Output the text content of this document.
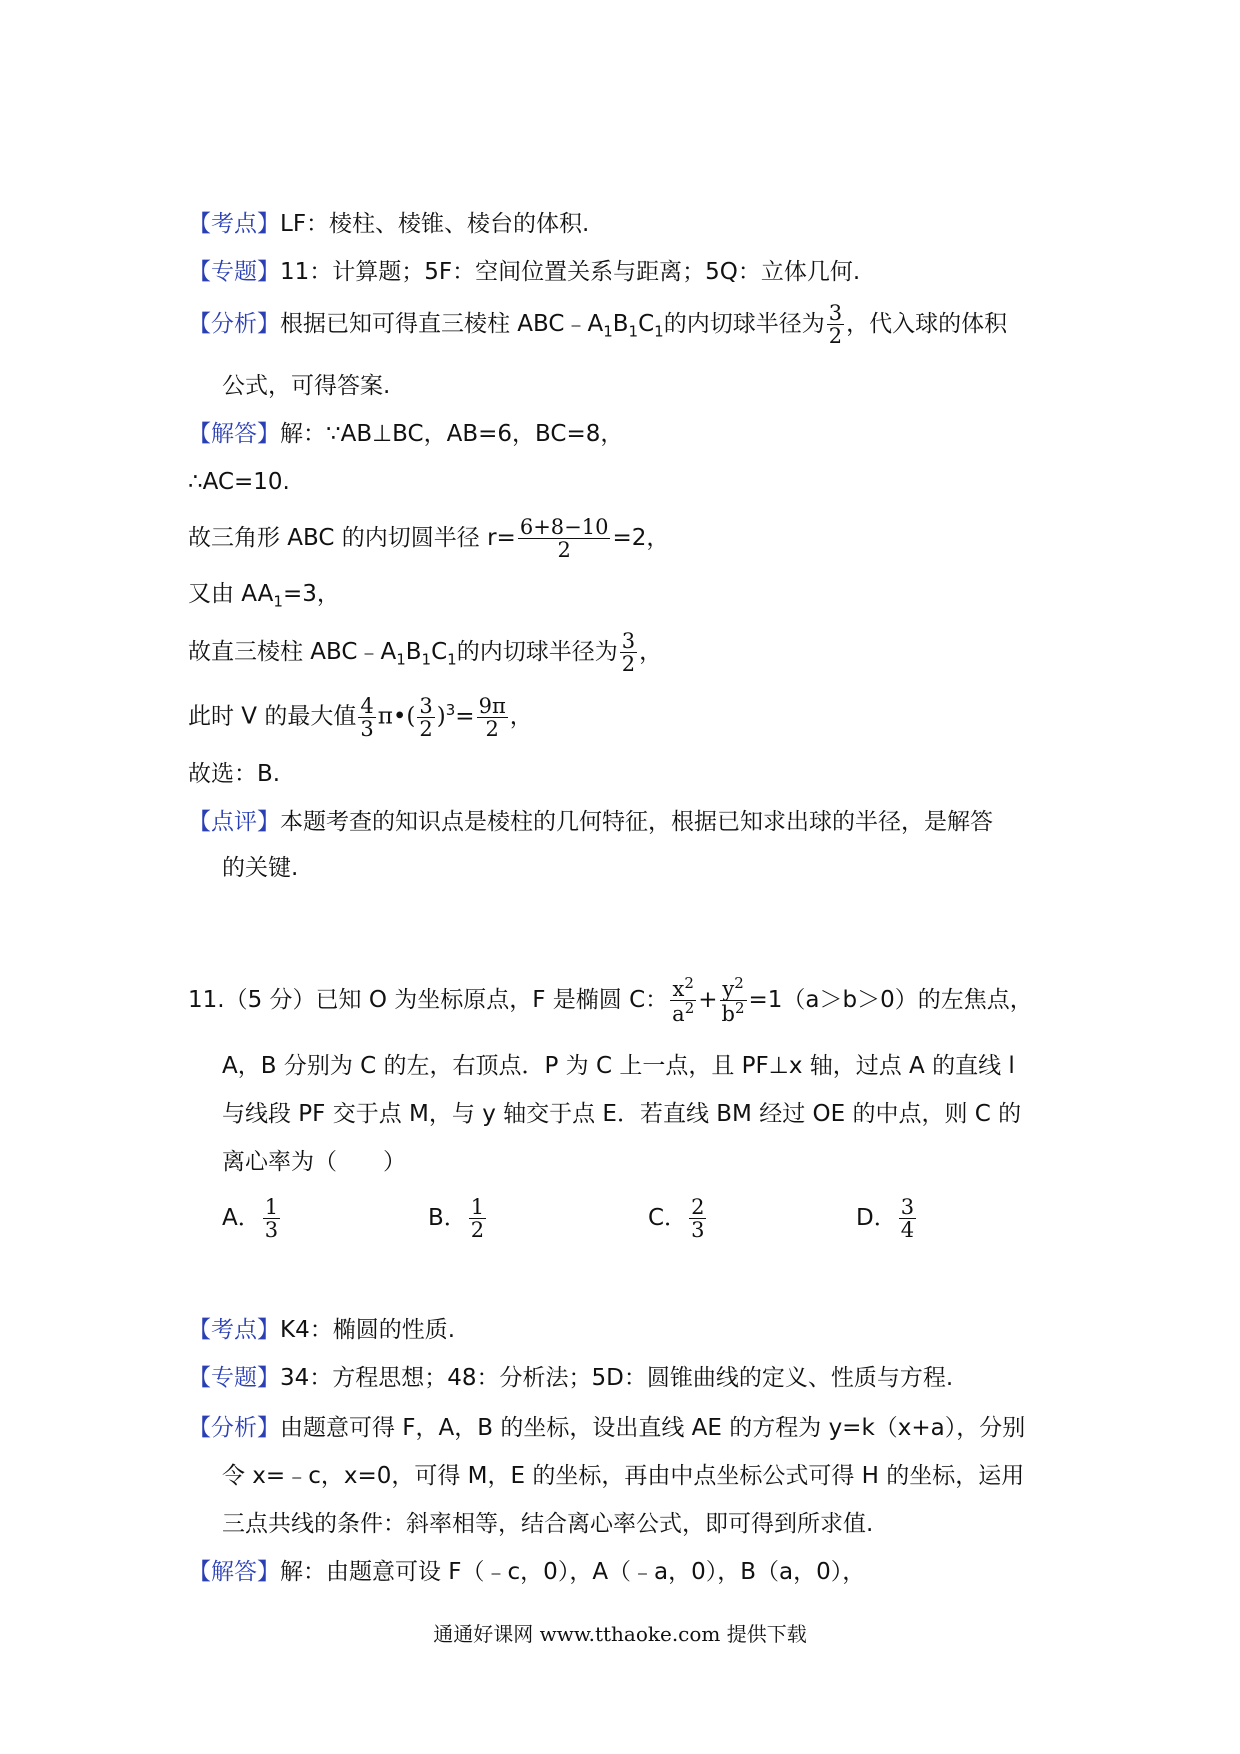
【考点】LF：棱柱、棱锥、棱台的体积.
【专题】11：计算题；5F：空间位置关系与距离；5Q：立体几何.
【分析】根据已知可得直三棱柱 $ABC﹣A_1B_1C_1$的内切球半径为 $\frac{3}{2}$ ，代入球的体积
公式，可得答案.
【解答】解：∵AB⊥BC，AB=6，BC=8，
∴AC=10.
故三角形 ABC 的内切圆半径 $r= \frac{6+8-10}{2} =2$，
又由 $AA_1=3$，
故直三棱柱 $ABC﹣A_1B_1C_1$的内切球半径为 $\frac{3}{2}$ ，
此时 V 的最大值 $\frac{4}{3}$ π•( $\frac{3}{2} )^3= \frac{9\pi}{2}$ ，
故选：B.
【点评】本题考查的知识点是棱柱的几何特征，根据已知求出球的半径，是解答
的关键.
11.（5 分）已知 O 为坐标原点，F 是椭圆 C： $\frac{x^2}{a^2} + \frac{y^2}{b^2} =1(a>b>0)$的左焦点，
A，B 分别为 C 的左，右顶点．P 为 C 上一点，且 PF⊥x 轴，过点 A 的直线 l
与线段 PF 交于点 M，与 y 轴交于点 E．若直线 BM 经过 OE 的中点，则 C 的
离心率为（　　）
A． $\frac{1}{3}$	B． $\frac{1}{2}$	C． $\frac{2}{3}$	D． $\frac{3}{4}$
【考点】K4：椭圆的性质.
【专题】34：方程思想；48：分析法；5D：圆锥曲线的定义、性质与方程.
【分析】由题意可得 F，A，B 的坐标，设出直线 AE 的方程为 y=k（x+a），分别
令 x=﹣c，x=0，可得 M，E 的坐标，再由中点坐标公式可得 H 的坐标，运用
三点共线的条件：斜率相等，结合离心率公式，即可得到所求值.
【解答】解：由题意可设 F（﹣c，0），A（﹣a，0），B（a，0），
通通好课网 www.tthaoke.com 提供下载
